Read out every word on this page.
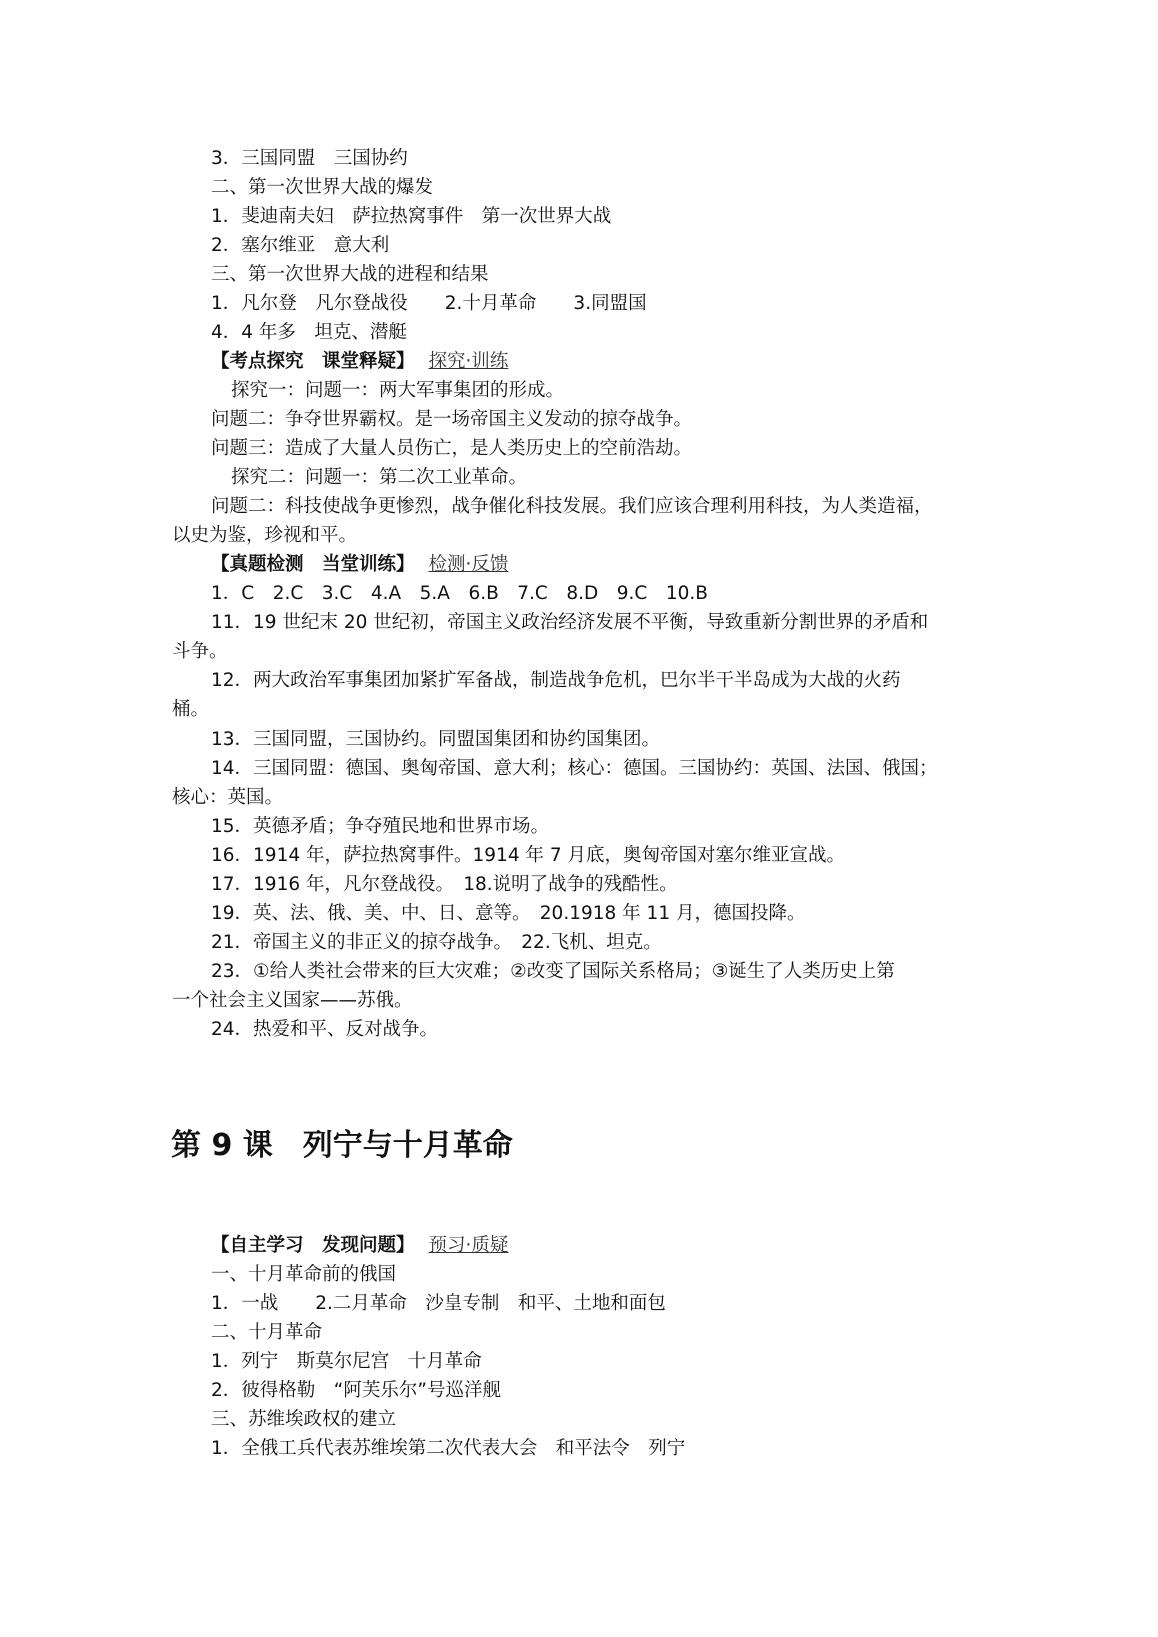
3．三国同盟　三国协约
二、第一次世界大战的爆发
1．斐迪南夫妇　萨拉热窝事件　第一次世界大战
2．塞尔维亚　意大利
三、第一次世界大战的进程和结果
1．凡尔登　凡尔登战役　　2.十月革命　　3.同盟国
4．4 年多　坦克、潜艇
【考点探究　课堂释疑】 探究·训练
探究一：问题一：两大军事集团的形成。
问题二：争夺世界霸权。是一场帝国主义发动的掠夺战争。
问题三：造成了大量人员伤亡，是人类历史上的空前浩劫。
探究二：问题一：第二次工业革命。
问题二：科技使战争更惨烈，战争催化科技发展。我们应该合理利用科技，为人类造福，
以史为鉴，珍视和平。
【真题检测　当堂训练】 检测·反馈
1．C　2.C　3.C　4.A　5.A　6.B　7.C　8.D　9.C　10.B
11．19 世纪末 20 世纪初，帝国主义政治经济发展不平衡，导致重新分割世界的矛盾和
斗争。
12．两大政治军事集团加紧扩军备战，制造战争危机，巴尔半干半岛成为大战的火药
桶。
13．三国同盟，三国协约。同盟国集团和协约国集团。
14．三国同盟：德国、奥匈帝国、意大利；核心：德国。三国协约：英国、法国、俄国；
核心：英国。
15．英德矛盾；争夺殖民地和世界市场。
16．1914 年，萨拉热窝事件。1914 年 7 月底，奥匈帝国对塞尔维亚宣战。
17．1916 年，凡尔登战役。　18.说明了战争的残酷性。
19．英、法、俄、美、中、日、意等。　20.1918 年 11 月，德国投降。
21．帝国主义的非正义的掠夺战争。　22.飞机、坦克。
23．①给人类社会带来的巨大灾难；②改变了国际关系格局；③诞生了人类历史上第
一个社会主义国家——苏俄。
24．热爱和平、反对战争。
第 9 课　列宁与十月革命
【自主学习　发现问题】 预习·质疑
一、十月革命前的俄国
1．一战　　2.二月革命　沙皇专制　和平、土地和面包
二、十月革命
1．列宁　斯莫尔尼宫　十月革命
2．彼得格勒　“阿芙乐尔”号巡洋舰
三、苏维埃政权的建立
1．全俄工兵代表苏维埃第二次代表大会　和平法令　列宁
